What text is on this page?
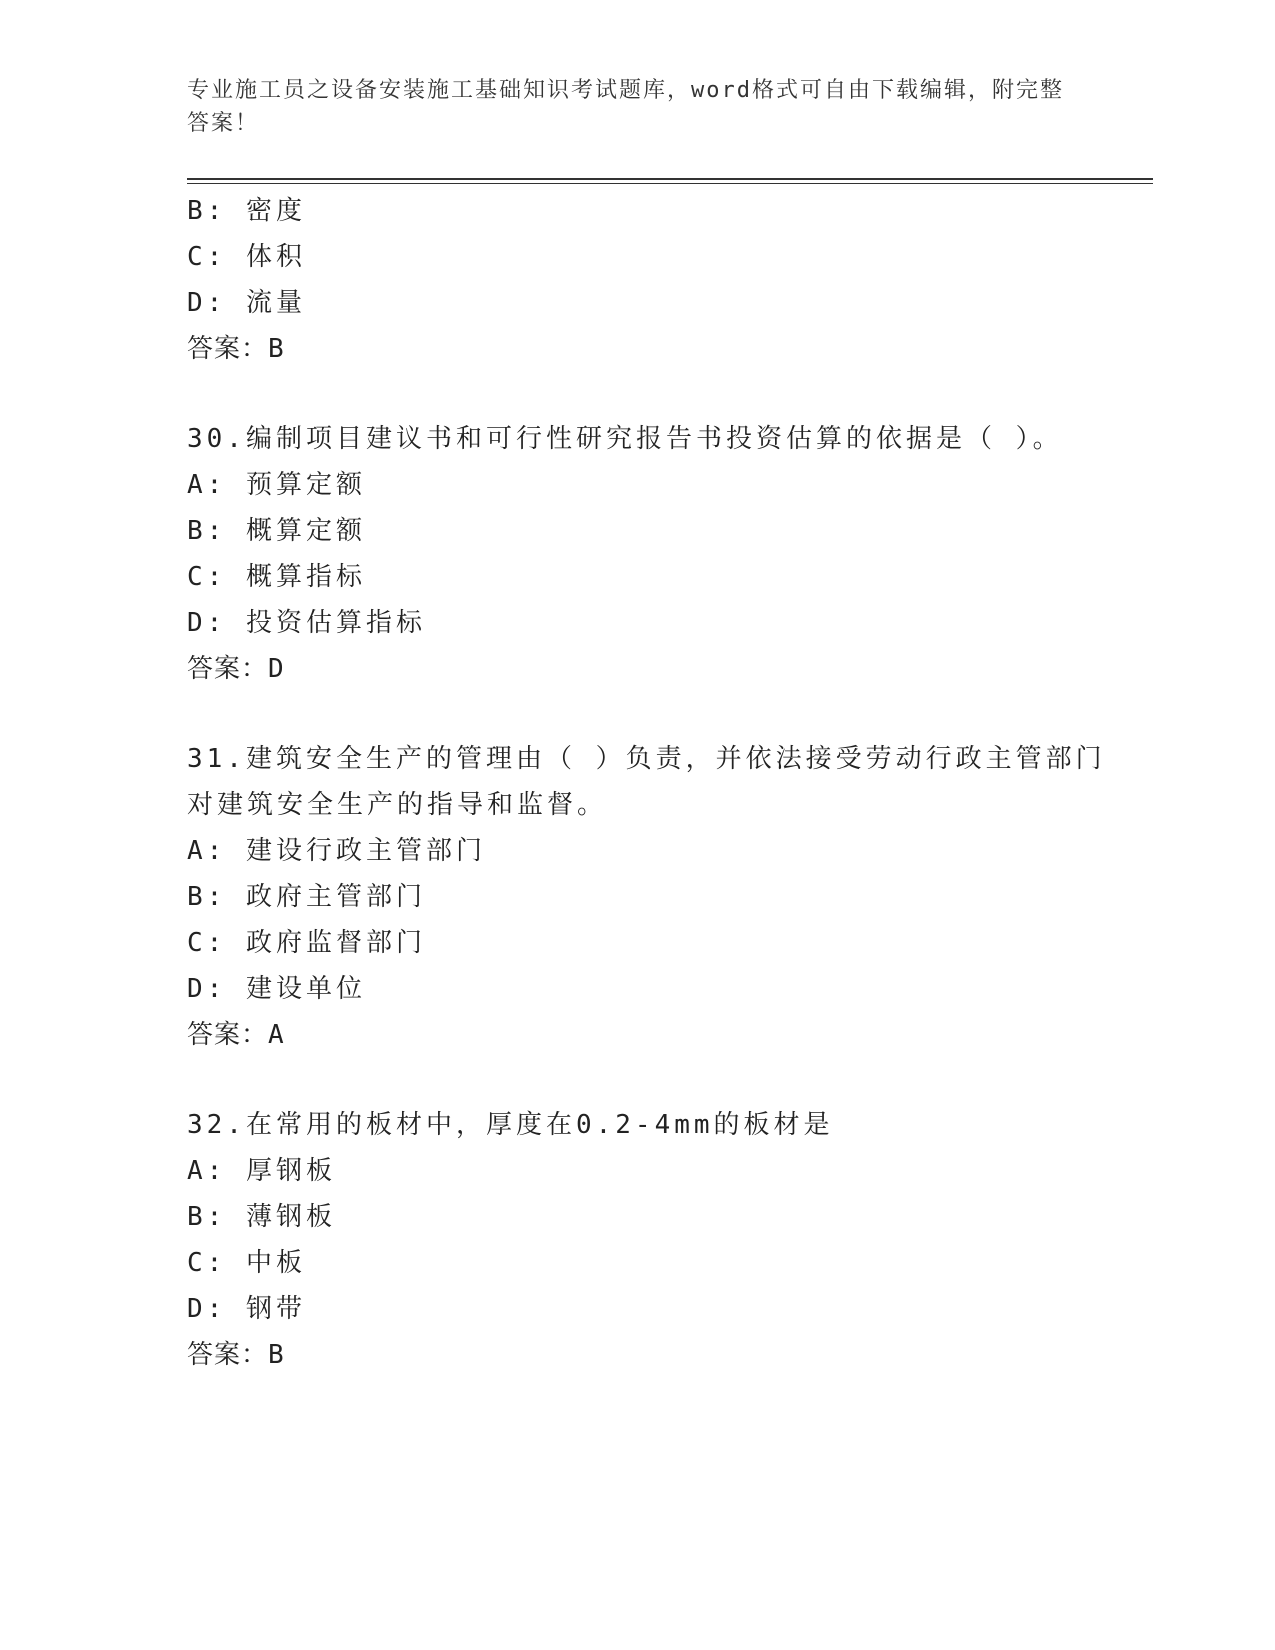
专业施工员之设备安装施工基础知识考试题库，word格式可自由下载编辑，附完整答案！
B: 密度
C: 体积
D: 流量
答案：B
30.编制项目建议书和可行性研究报告书投资估算的依据是（ ）。
A: 预算定额
B: 概算定额
C: 概算指标
D: 投资估算指标
答案：D
31.建筑安全生产的管理由（ ）负责，并依法接受劳动行政主管部门
对建筑安全生产的指导和监督。
A: 建设行政主管部门
B: 政府主管部门
C: 政府监督部门
D: 建设单位
答案：A
32.在常用的板材中，厚度在0.2-4mm的板材是
A: 厚钢板
B: 薄钢板
C: 中板
D: 钢带
答案：B
